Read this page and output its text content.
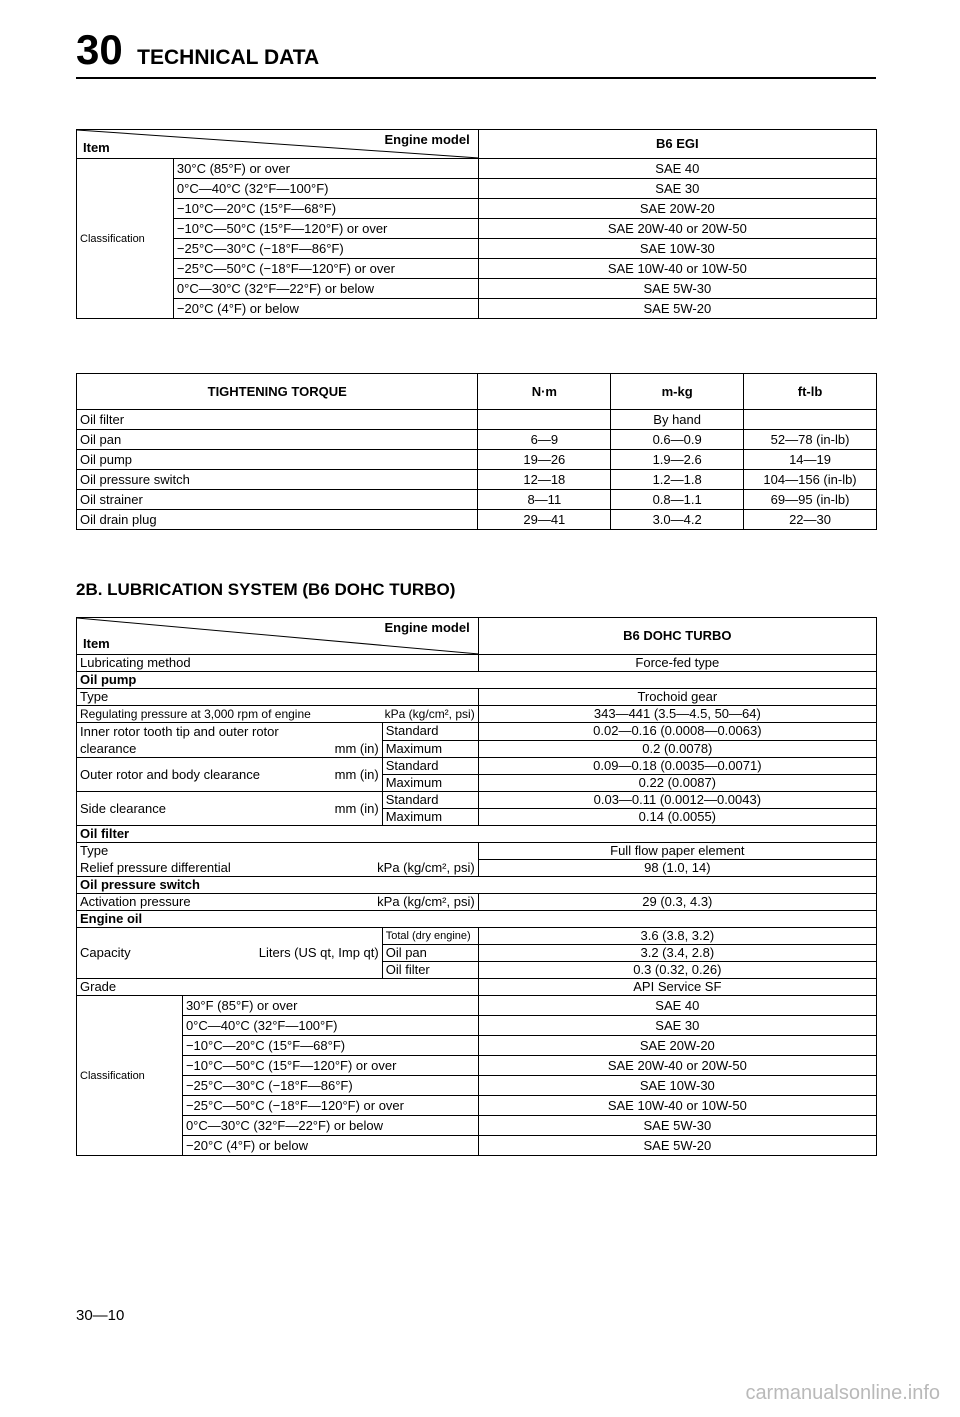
30 TECHNICAL DATA
Engine model
Item		B6 EGI
Classification	30°C (85°F) or over	SAE 40
	0°C—40°C (32°F—100°F)	SAE 30
	−10°C—20°C (15°F—68°F)	SAE 20W-20
	−10°C—50°C (15°F—120°F) or over	SAE 20W-40 or 20W-50
	−25°C—30°C (−18°F—86°F)	SAE 10W-30
	−25°C—50°C (−18°F—120°F) or over	SAE 10W-40 or 10W-50
	0°C—30°C (32°F—22°F) or below	SAE 5W-30
	−20°C (4°F) or below	SAE 5W-20
TIGHTENING TORQUE	N·m	m-kg	ft-lb
Oil filter		By hand	
Oil pan	6—9	0.6—0.9	52—78 (in-lb)
Oil pump	19—26	1.9—2.6	14—19
Oil pressure switch	12—18	1.2—1.8	104—156 (in-lb)
Oil strainer	8—11	0.8—1.1	69—95 (in-lb)
Oil drain plug	29—41	3.0—4.2	22—30
2B. LUBRICATION SYSTEM (B6 DOHC TURBO)
Engine model
Item			B6 DOHC TURBO
Lubricating method			Force-fed type
Oil pump			
Type			Trochoid gear
Regulating pressure at 3,000 rpm of engine kPa (kg/cm², psi)			343—441 (3.5—4.5, 50—64)

Inner rotor tooth tip and outer rotor
clearance mm (in)		Standard	0.02—0.16 (0.0008—0.0063)
		Maximum	0.2 (0.0078)
Outer rotor and body clearance mm (in)		Standard	0.09—0.18 (0.0035—0.0071)
		Maximum	0.22 (0.0087)
Side clearance mm (in)		Standard	0.03—0.11 (0.0012—0.0043)
		Maximum	0.14 (0.0055)
Oil filter			
Type			Full flow paper element
Relief pressure differential kPa (kg/cm², psi)			98 (1.0, 14)
Oil pressure switch			
Activation pressure kPa (kg/cm², psi)			29 (0.3, 4.3)
Engine oil			
Capacity Liters (US qt, Imp qt)		Total (dry engine)	3.6 (3.8, 3.2)
		Oil pan	3.2 (3.4, 2.8)
		Oil filter	0.3 (0.32, 0.26)
Grade			API Service SF
Classification	30°F (85°F) or over		SAE 40
	0°C—40°C (32°F—100°F)		SAE 30
	−10°C—20°C (15°F—68°F)		SAE 20W-20
	−10°C—50°C (15°F—120°F) or over		SAE 20W-40 or 20W-50
	−25°C—30°C (−18°F—86°F)		SAE 10W-30
	−25°C—50°C (−18°F—120°F) or over		SAE 10W-40 or 10W-50
	0°C—30°C (32°F—22°F) or below		SAE 5W-30
	−20°C (4°F) or below		SAE 5W-20
30—10
carmanualsonline.info
